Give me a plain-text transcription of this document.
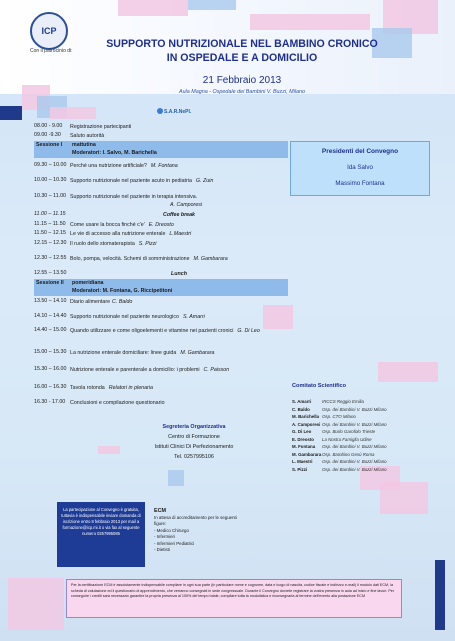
ICP
Con il patrocinio di:
SUPPORTO NUTRIZIONALE NEL BAMBINO CRONICO
IN OSPEDALE E A DOMICILIO
21 Febbraio 2013
Aula Magna - Ospedale dei Bambini V. Buzzi, Milano
S.A.R.NePI.
08.00 - 9.00	Registrazione partecipanti
09.00 -9.30	Saluto autorità
Sessione I mattutina
Moderatori: I. Salvo, M. Barichella
09.30 – 10.00 Perché una nutrizione artificiale? M. Fontana
10.00 – 10.30 Supporto nutrizionale nel paziente acuto in pediatria G. Zuin
10.30 – 11.00 Supporto nutrizionale nel paziente in terapia intensiva.
A. Camporesi
11.00 – 11.15	Coffee break
11.15 – 11.50 Come usare la bocca finché c'e' E. Dreosto
11.50 – 12.15 Le vie di accesso alla nutrizione enterale L.Maestri
12.15 – 12.30 Il ruolo dello stomaterapista S. Pizzi
12.30 – 12.55 Bolo, pompa, velocità. Schemi di somministrazione M. Gambarara
12.55 – 13.50	Lunch
Sessione II pomeridiana
Moderatori: M. Fontana, G. Riccipetitoni
13.50 – 14.10 Diario alimentare C. Baldo
14.10 – 14.40 Supporto nutrizionale nel paziente neurologico S. Amarri
14.40 – 15.00 Quando utilizzare e come oligoelementi e vitamine nei pazienti cronici G. Di Leo
15.00 – 15.30 La nutrizione enterale domiciliare: linee guida M. Gambarara
15.30 – 16.00 Nutrizione enterale e parenterale a domicilio: i problemi C. Paisson
16.00 – 16.30 Tavola rotonda Relatori in plenaria
16.30 - 17.00 Conclusioni e compilazione questionario
Presidenti del Convegno
Ida Salvo
Massimo Fontana
Comitato Scientifico
S. Amarri	IRCCS Reggio Emilia
C. Baldo	Osp. dei Bambini V. Buzzi Milano
M. Barichella Osp. CTO Milano
A. Camporesi Osp. dei Bambini V. Buzzi Milano
G. Di Leo	Osp. Burlo Garofolo Trieste
E. Dreosto	La Nostra Famiglia Udine
M. Fontana	Osp. dei Bambini V. Buzzi Milano
M. Gambarara Osp. Bambino Gesù Roma
L. Maestri	Osp. dei Bambini V. Buzzi Milano
S. Pizzi	Osp. dei Bambini V. Buzzi Milano
Segreteria Organizzativa
Centro di Formazione
Istituti Clinici Di Perfezionamento
Tel. 0257995106
La partecipazione al Convegno è gratuita, tuttavia è indispensabile inviare domanda di iscrizione entro 8 febbraio 2013 per mail a formazione@icp.mi.it o via fax al seguente numero 0257995085
ECM
In attesa di accreditamento per le seguenti figure:
- Medico Chirurgo
- Infermieri
- Infermieri Pediatrici
- Dietisti
Per la certificazione ECM è assolutamente indispensabile compilare in ogni sua parte (in particolare nome e cognome, data e luogo di nascita, codice fiscale e indirizzo e-mail) il modulo dati ECM, la scheda di valutazione ed il questionario di apprendimento, che verranno consegnati in sede congressuale. Durante il Convegno dovrete registrare la vostra presenza in aula ad inizio e fine lavori. Per conseguire i crediti sarà necessario garantire la propria presenza al 100% del tempo totale, compilare tutta la modulistica e riconsegnarla al termine dell'evento alla postazione ECM
